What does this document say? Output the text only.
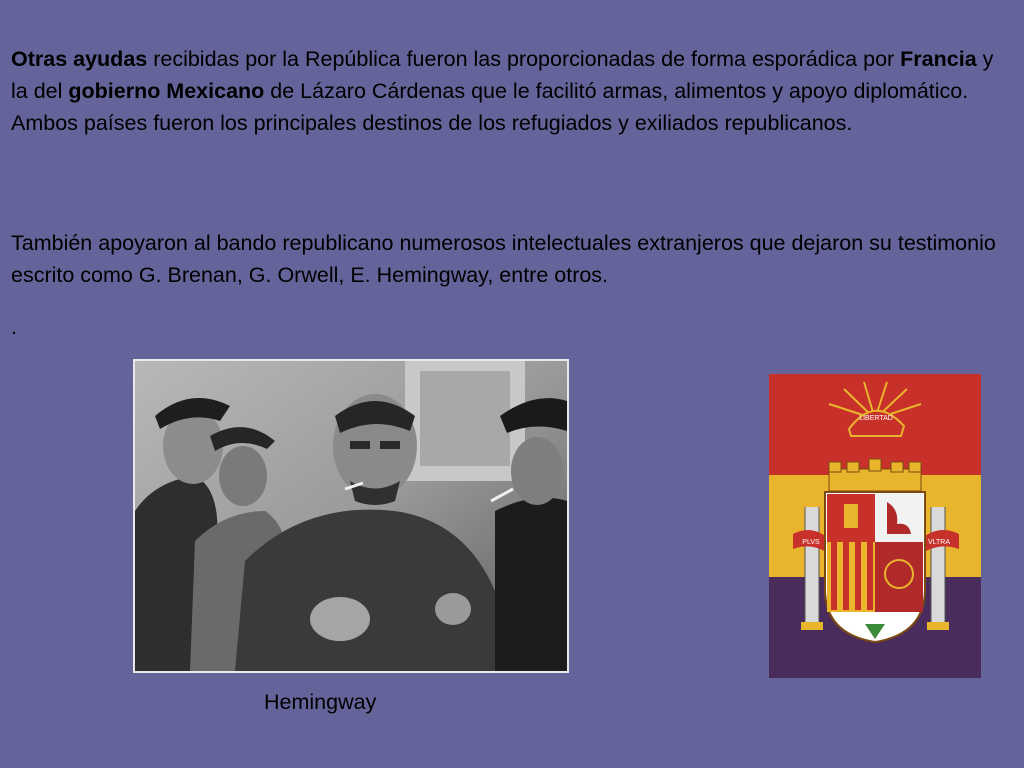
Otras ayudas recibidas por la República fueron las proporcionadas de forma esporádica por Francia y la del gobierno Mexicano de Lázaro Cárdenas que le facilitó armas, alimentos y apoyo diplomático. Ambos países fueron los principales destinos de los refugiados y exiliados republicanos.

También apoyaron al bando republicano numerosos intelectuales extranjeros que dejaron su testimonio escrito como G. Brenan, G. Orwell, E. Hemingway, entre otros.

.

Hemingway
LIBERTAD
PLVS	VLTRA
